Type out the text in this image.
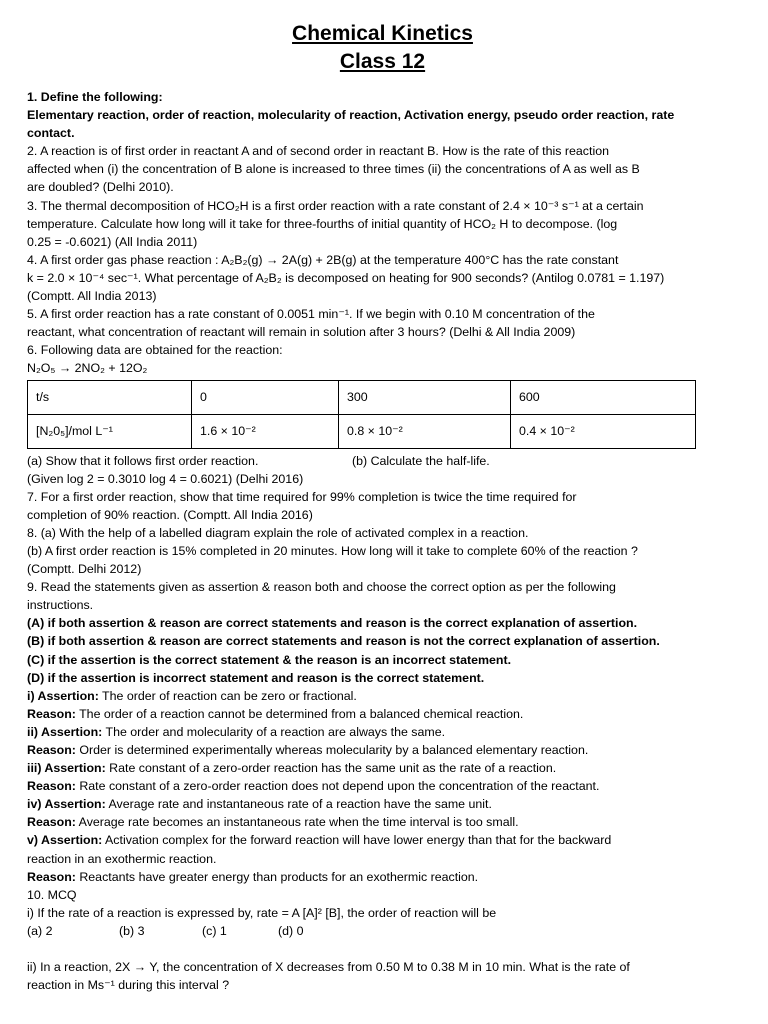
Chemical Kinetics
Class 12
1. Define the following:
Elementary reaction, order of reaction, molecularity of reaction, Activation energy, pseudo order reaction, rate
contact.
2. A reaction is of first order in reactant A and of second order in reactant B. How is the rate of this reaction
affected when (i) the concentration of B alone is increased to three times (ii) the concentrations of A as well as B
are doubled? (Delhi 2010).
3. The thermal decomposition of HCO₂H is a first order reaction with a rate constant of 2.4 × 10⁻³ s⁻¹ at a certain
temperature. Calculate how long will it take for three-fourths of initial quantity of HCO₂ H to decompose. (log
0.25 = -0.6021) (All India 2011)
4. A first order gas phase reaction : A₂B₂(g) → 2A(g) + 2B(g) at the temperature 400°C has the rate constant
k = 2.0 × 10⁻⁴ sec⁻¹. What percentage of A₂B₂ is decomposed on heating for 900 seconds? (Antilog 0.0781 = 1.197)
(Comptt. All India 2013)
5. A first order reaction has a rate constant of 0.0051 min⁻¹. If we begin with 0.10 M concentration of the
reactant, what concentration of reactant will remain in solution after 3 hours? (Delhi & All India 2009)
6. Following data are obtained for the reaction:
N₂O₅ → 2NO₂ + 12O₂
t/s	0	300	600
[N₂0₅]/mol L⁻¹	1.6 × 10⁻²	0.8 × 10⁻²	0.4 × 10⁻²
(a) Show that it follows first order reaction.	(b) Calculate the half-life.
(Given log 2 = 0.3010 log 4 = 0.6021) (Delhi 2016)
7. For a first order reaction, show that time required for 99% completion is twice the time required for
completion of 90% reaction. (Comptt. All India 2016)
8. (a) With the help of a labelled diagram explain the role of activated complex in a reaction.
(b) A first order reaction is 15% completed in 20 minutes. How long will it take to complete 60% of the reaction ?
(Comptt. Delhi 2012)
9. Read the statements given as assertion & reason both and choose the correct option as per the following
instructions.
(A) if both assertion & reason are correct statements and reason is the correct explanation of assertion.
(B) if both assertion & reason are correct statements and reason is not the correct explanation of assertion.
(C) if the assertion is the correct statement & the reason is an incorrect statement.
(D) if the assertion is incorrect statement and reason is the correct statement.
i) Assertion: The order of reaction can be zero or fractional.
Reason: The order of a reaction cannot be determined from a balanced chemical reaction.
ii) Assertion: The order and molecularity of a reaction are always the same.
Reason: Order is determined experimentally whereas molecularity by a balanced elementary reaction.
iii) Assertion: Rate constant of a zero-order reaction has the same unit as the rate of a reaction.
Reason: Rate constant of a zero-order reaction does not depend upon the concentration of the reactant.
iv) Assertion: Average rate and instantaneous rate of a reaction have the same unit.
Reason: Average rate becomes an instantaneous rate when the time interval is too small.
v) Assertion: Activation complex for the forward reaction will have lower energy than that for the backward
reaction in an exothermic reaction.
Reason: Reactants have greater energy than products for an exothermic reaction.
10. MCQ
i) If the rate of a reaction is expressed by, rate = A [A]² [B], the order of reaction will be
(a) 2	(b) 3	(c) 1	(d) 0
ii) In a reaction, 2X → Y, the concentration of X decreases from 0.50 M to 0.38 M in 10 min. What is the rate of
reaction in Ms⁻¹ during this interval ?
